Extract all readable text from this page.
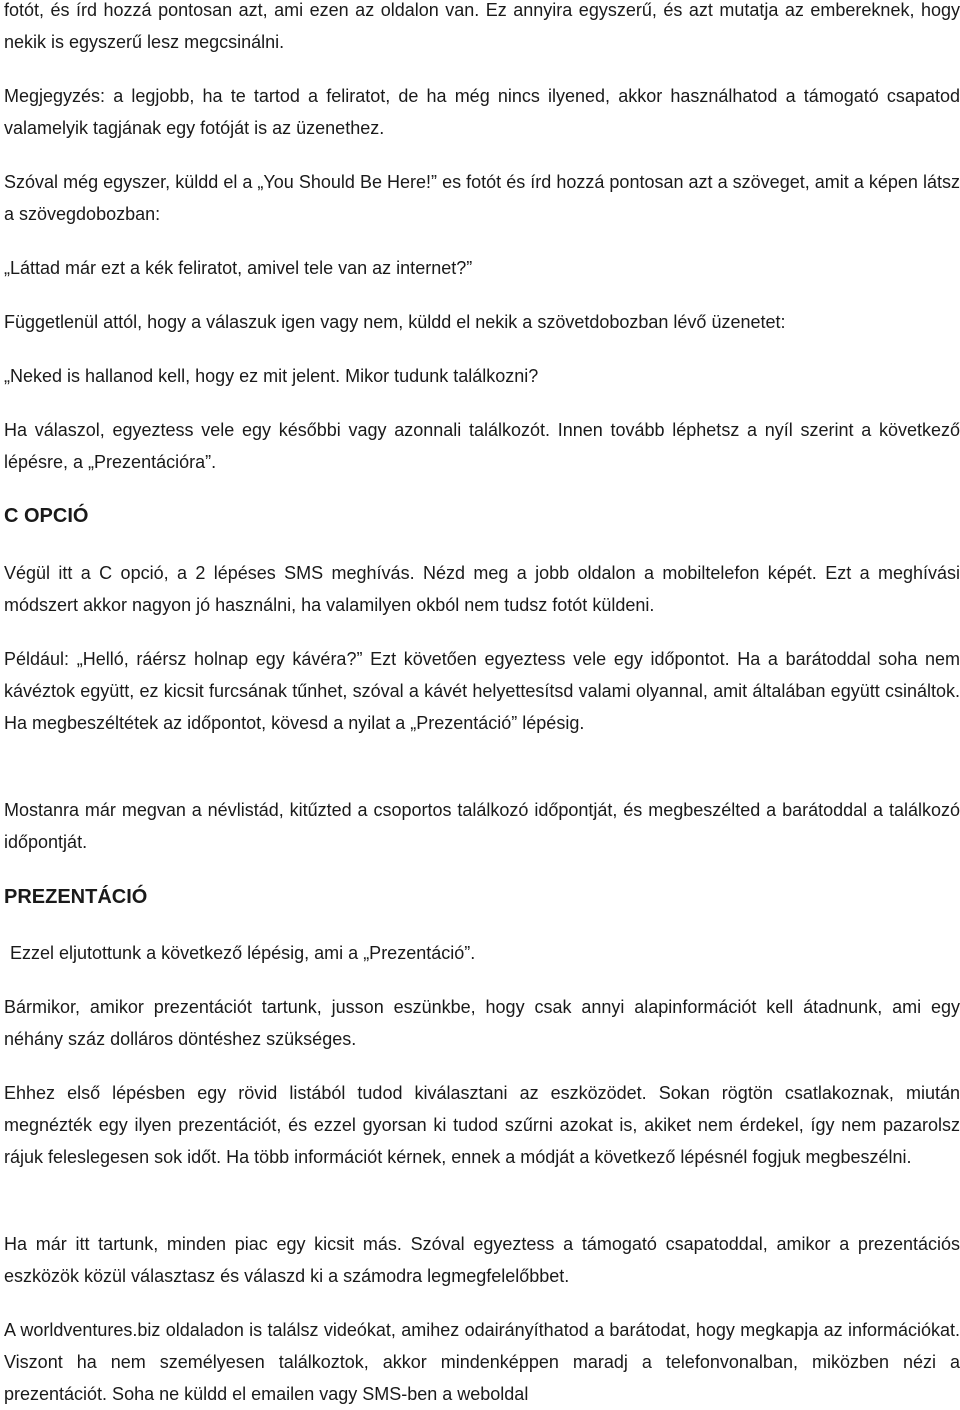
fotót, és írd hozzá pontosan azt, ami ezen az oldalon van. Ez annyira egyszerű, és azt mutatja az embereknek, hogy nekik is egyszerű lesz megcsinálni.

Megjegyzés: a legjobb, ha te tartod a feliratot, de ha még nincs ilyened, akkor használhatod a támogató csapatod valamelyik tagjának egy fotóját is az üzenethez.

Szóval még egyszer, küldd el a „You Should Be Here!” es fotót és írd hozzá pontosan azt a szöveget, amit a képen látsz a szövegdobozban:

„Láttad már ezt a kék feliratot, amivel tele van az internet?”

Függetlenül attól, hogy a válaszuk igen vagy nem, küldd el nekik a szövetdobozban lévő üzenetet:

„Neked is hallanod kell, hogy ez mit jelent. Mikor tudunk találkozni?

Ha válaszol, egyeztess vele egy későbbi vagy azonnali találkozót. Innen tovább léphetsz a nyíl szerint a következő lépésre, a „Prezentációra”.

C OPCIÓ

Végül itt a C opció, a 2 lépéses SMS meghívás. Nézd meg a jobb oldalon a mobiltelefon képét. Ezt a meghívási módszert akkor nagyon jó használni, ha valamilyen okból nem tudsz fotót küldeni.

Például: „Helló, ráérsz holnap egy kávéra?” Ezt követően egyeztess vele egy időpontot. Ha a barátoddal soha nem kávéztok együtt, ez kicsit furcsának tűnhet, szóval a kávét helyettesítsd valami olyannal, amit általában együtt csináltok. Ha megbeszéltétek az időpontot, kövesd a nyilat a „Prezentáció” lépésig.

Mostanra már megvan a névlistád, kitűzted a csoportos találkozó időpontját, és megbeszélted a barátoddal a találkozó időpontját.

PREZENTÁCIÓ

Ezzel eljutottunk a következő lépésig, ami a „Prezentáció”.

Bármikor, amikor prezentációt tartunk, jusson eszünkbe, hogy csak annyi alapinformációt kell átadnunk, ami egy néhány száz dolláros döntéshez szükséges.

Ehhez első lépésben egy rövid listából tudod kiválasztani az eszközödet. Sokan rögtön csatlakoznak, miután megnézték egy ilyen prezentációt, és ezzel gyorsan ki tudod szűrni azokat is, akiket nem érdekel, így nem pazarolsz rájuk feleslegesen sok időt. Ha több információt kérnek, ennek a módját a következő lépésnél fogjuk megbeszélni.

Ha már itt tartunk, minden piac egy kicsit más. Szóval egyeztess a támogató csapatoddal, amikor a prezentációs eszközök közül választasz és válaszd ki a számodra legmegfelelőbbet.

A worldventures.biz oldaladon is találsz videókat, amihez odairányíthatod a barátodat, hogy megkapja az információkat. Viszont ha nem személyesen találkoztok, akkor mindenképpen maradj a telefonvonalban, miközben nézi a prezentációt. Soha ne küldd el emailen vagy SMS-ben a weboldal
